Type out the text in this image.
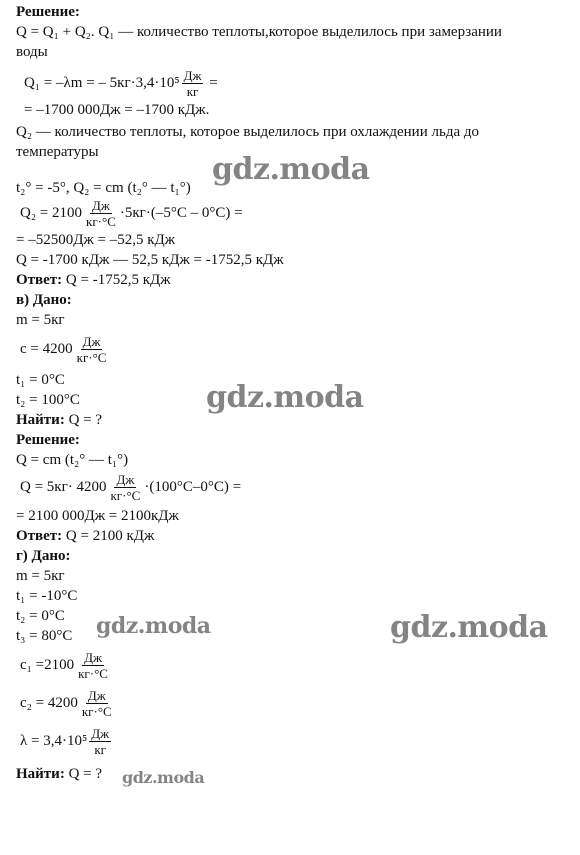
Решение:
Q = Q₁ + Q₂. Q₁ — количество теплоты,которое выделилось при замерзании
воды
Q₁ = –λm = – $5кг\cdot 3,4\cdot 10^5 \frac{Дж}{кг}$ =
= –1700 000Дж = –1700 кДж.
Q₂ — количество теплоты, которое выделилось при охлаждении льда до
температуры
t₂° = -5°, Q₂ = cm (t₂° — t₁°)
$Q_2 = 2100 \frac{Дж}{кг\cdot^\circ С} \cdot 5кг\cdot(-5^\circ С - 0^\circ С)$ =
= –52500Дж = –52,5 кДж
Q = -1700 кДж — 52,5 кДж = -1752,5 кДж
Ответ: Q = -1752,5 кДж
в) Дано:
m = 5кг
$c = 4200 \frac{Дж}{кг\cdot^\circ С}$
t₁ = 0°C
t₂ = 100°C
Найти: Q = ?
Решение:
Q = cm (t₂° — t₁°)
$Q = 5кг\cdot 4200 \frac{Дж}{кг\cdot^\circ С} \cdot(100^\circ С-0^\circ С)$ =
= 2100 000Дж = 2100кДж
Ответ: Q = 2100 кДж
г) Дано:
m = 5кг
t₁ = -10°C
t₂ = 0°C
t₃ = 80°C
$c_1 =2100 \frac{Дж}{кг\cdot^\circ С}$
$c_2 = 4200 \frac{Дж}{кг\cdot^\circ С}$
$\lambda = 3,4\cdot 10^5 \frac{Дж}{кг}$
Найти: Q = ?
gdz.moda
gdz.moda
gdz.moda	gdz.moda
gdz.moda
